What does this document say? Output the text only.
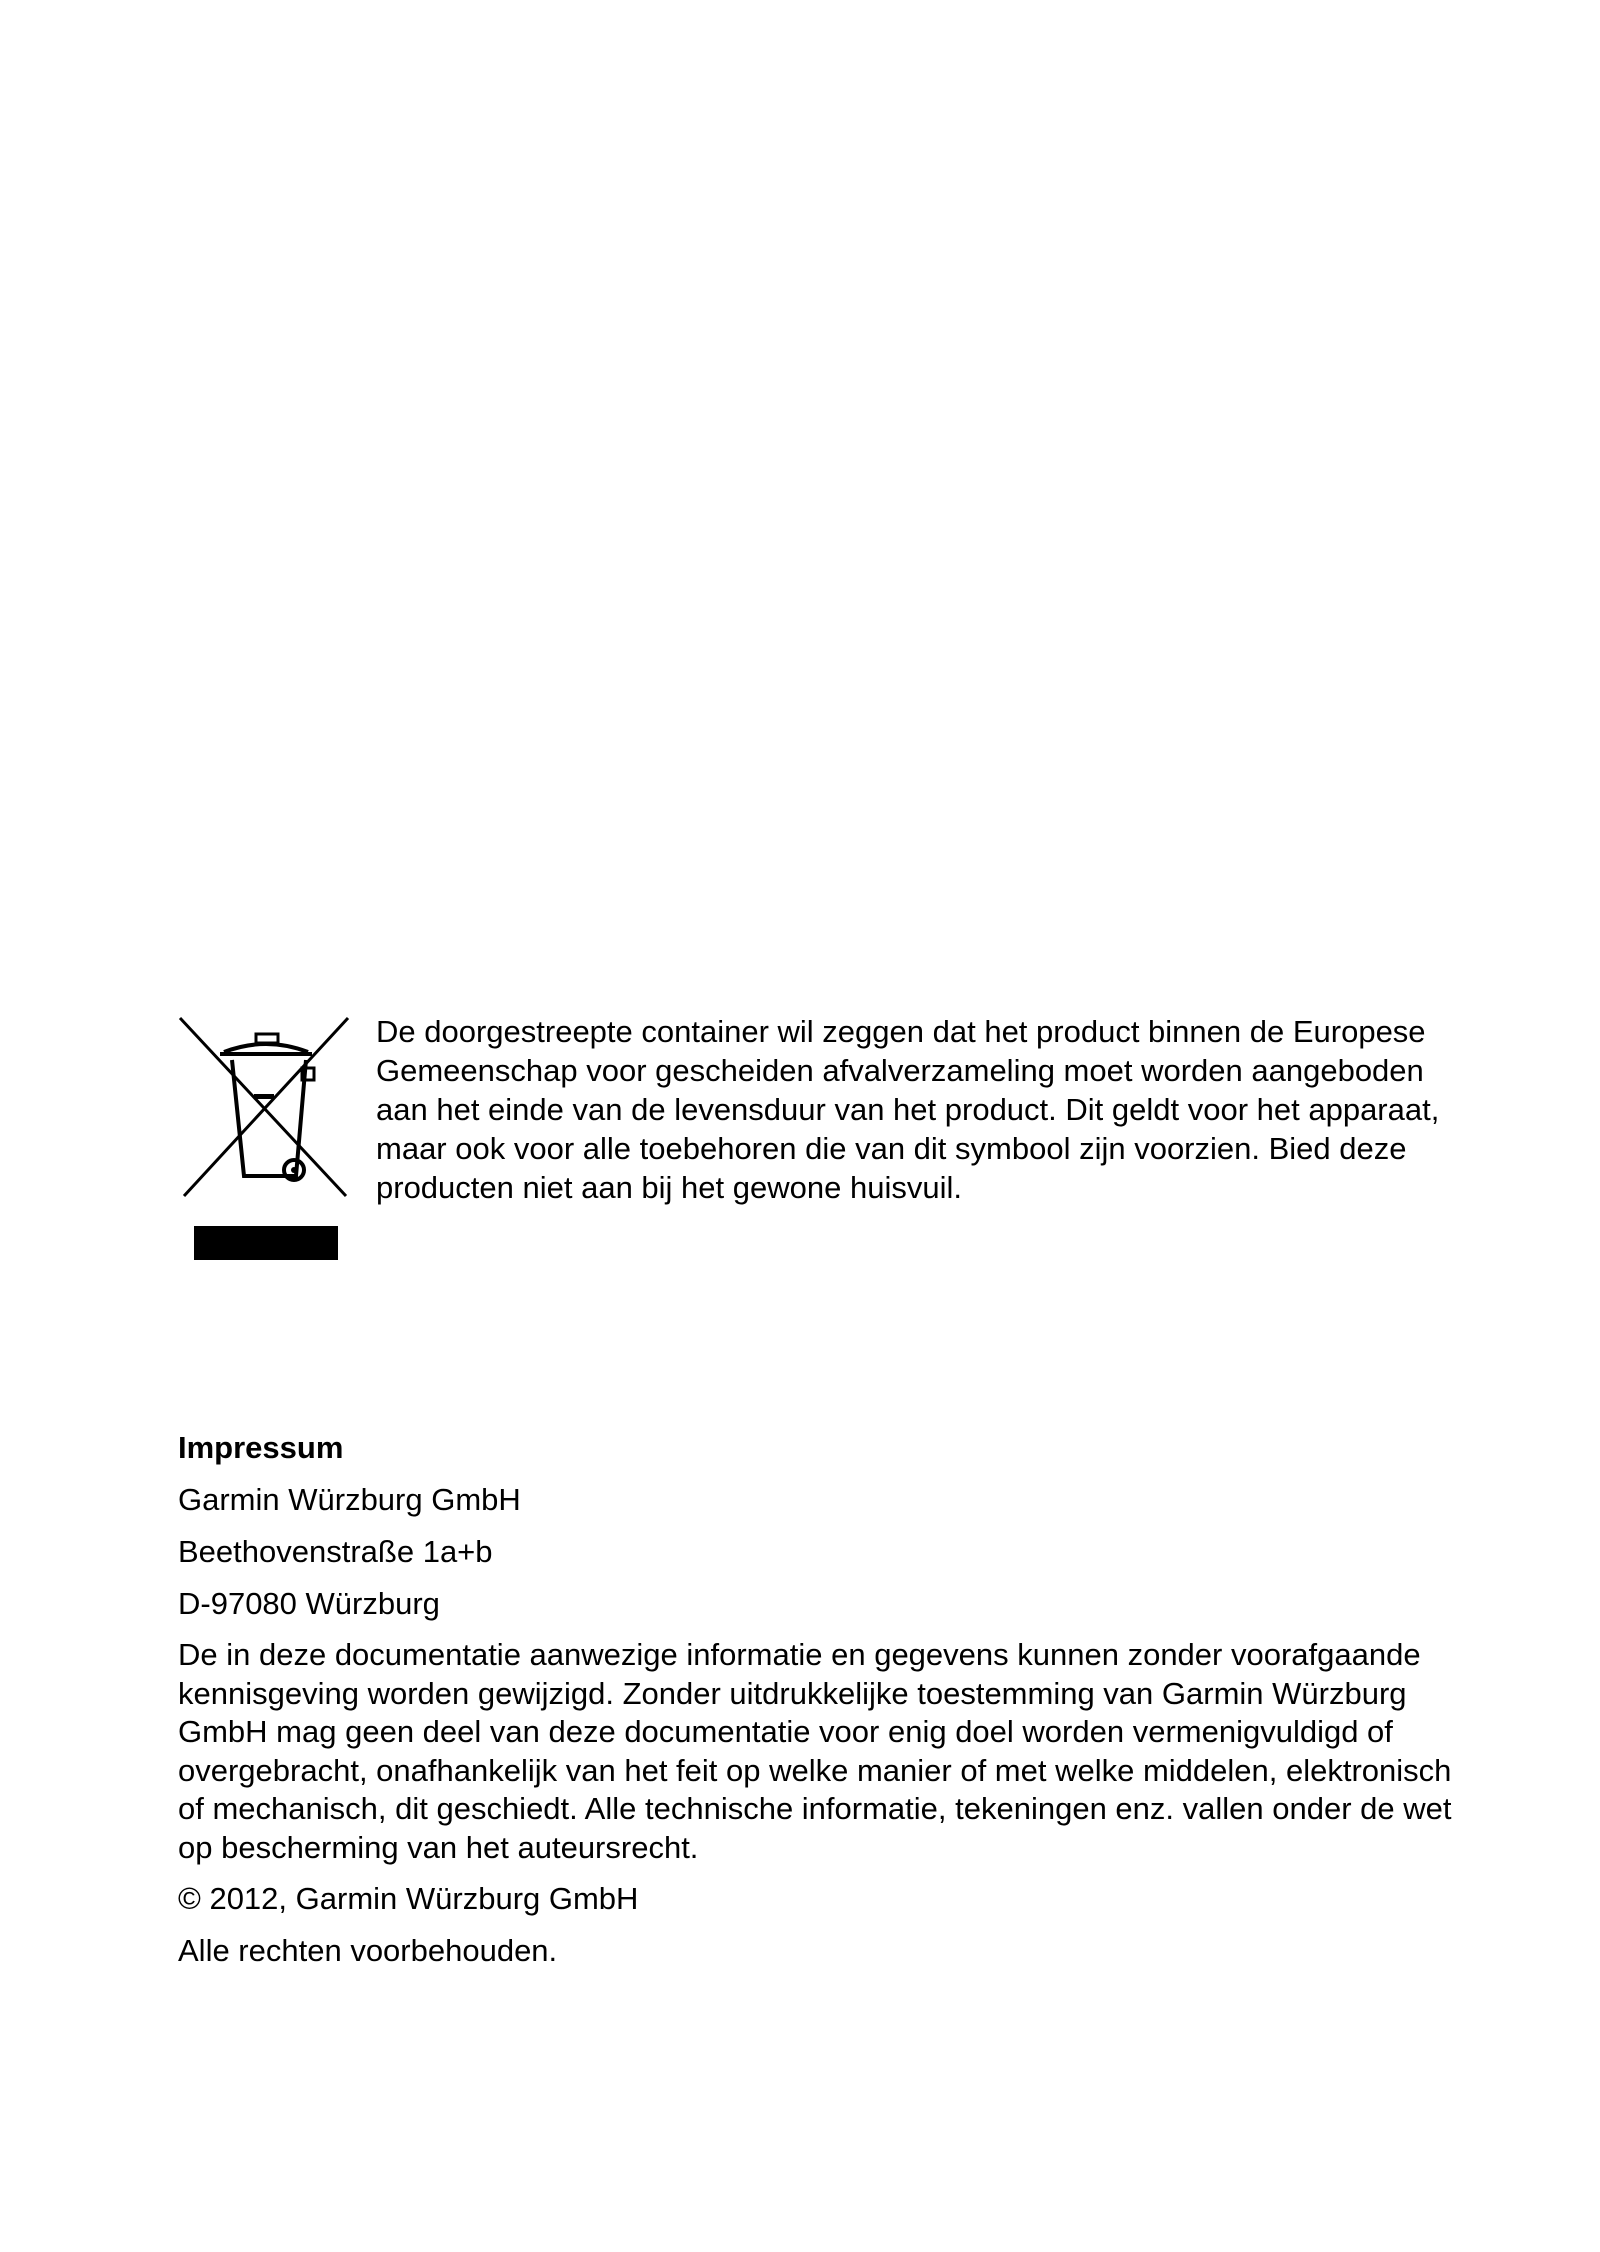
De doorgestreepte container wil zeggen dat het product binnen de Europese Gemeenschap voor gescheiden afvalverzameling moet worden aangeboden aan het einde van de levensduur van het product. Dit geldt voor het apparaat, maar ook voor alle toebehoren die van dit symbool zijn voorzien. Bied deze producten niet aan bij het gewone huisvuil.

Impressum

Garmin Würzburg GmbH

Beethovenstraße 1a+b

D-97080 Würzburg

De in deze documentatie aanwezige informatie en gegevens kunnen zonder voorafgaande kennisgeving worden gewijzigd. Zonder uitdrukkelijke toestemming van Garmin Würzburg GmbH mag geen deel van deze documentatie voor enig doel worden vermenigvuldigd of overgebracht, onafhankelijk van het feit op welke manier of met welke middelen, elektronisch of mechanisch, dit geschiedt. Alle technische informatie, tekeningen enz. vallen onder de wet op bescherming van het auteursrecht.

© 2012, Garmin Würzburg GmbH

Alle rechten voorbehouden.
